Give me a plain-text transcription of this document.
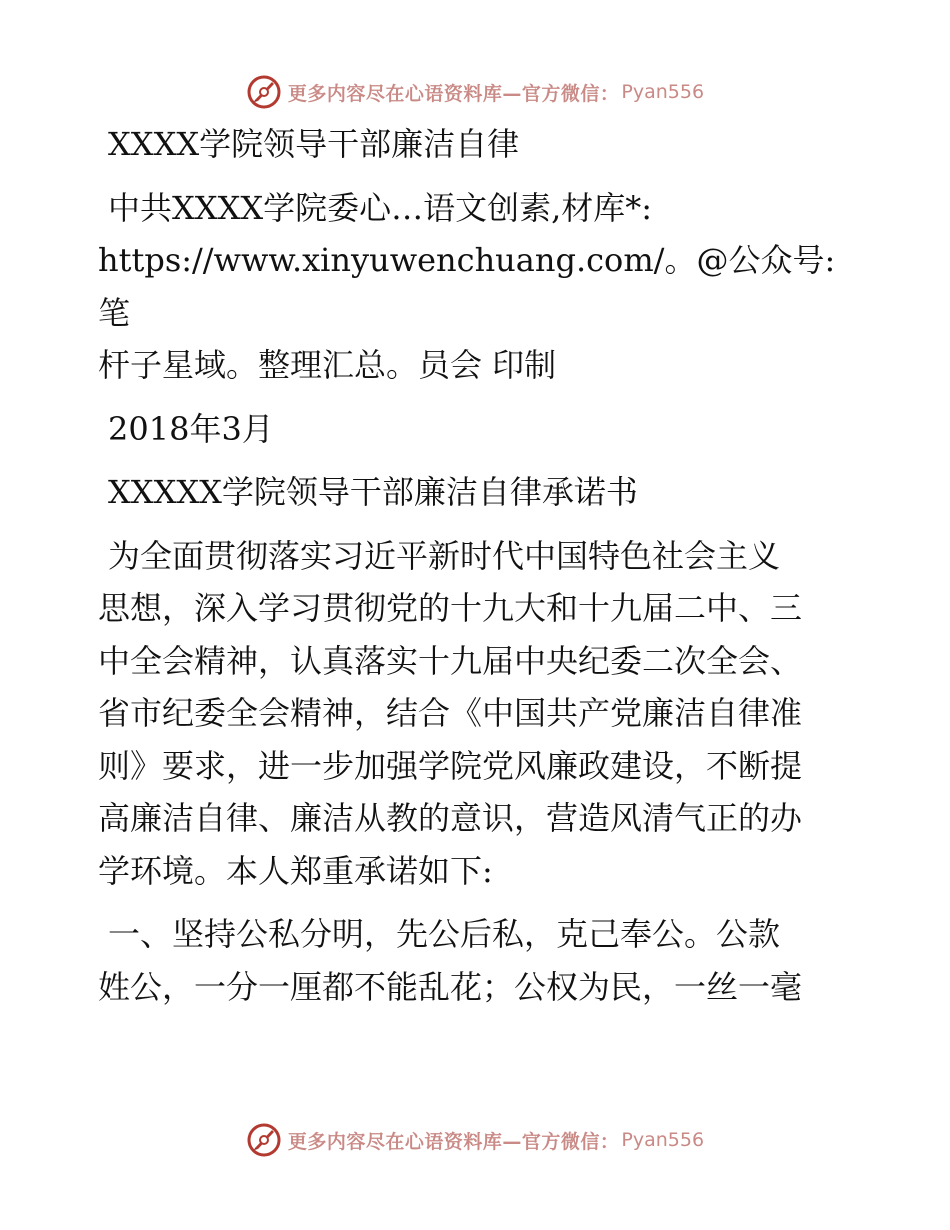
更多内容尽在心语资料库—官方微信： Pyan556

XXXX学院领导干部廉洁自律

中共XXXX学院委心…语文创素,材库*:

https://www.xinyuwenchuang.com/。@公众号: 笔

杆子星域。整理汇总。员会 印制

2018年3月

XXXXX学院领导干部廉洁自律承诺书

为全面贯彻落实习近平新时代中国特色社会主义

思想，深入学习贯彻党的十九大和十九届二中、三

中全会精神，认真落实十九届中央纪委二次全会、

省市纪委全会精神，结合《中国共产党廉洁自律准

则》要求，进一步加强学院党风廉政建设，不断提

高廉洁自律、廉洁从教的意识，营造风清气正的办

学环境。本人郑重承诺如下:

一、坚持公私分明，先公后私，克己奉公。公款

姓公，一分一厘都不能乱花；公权为民，一丝一毫

更多内容尽在心语资料库—官方微信： Pyan556
